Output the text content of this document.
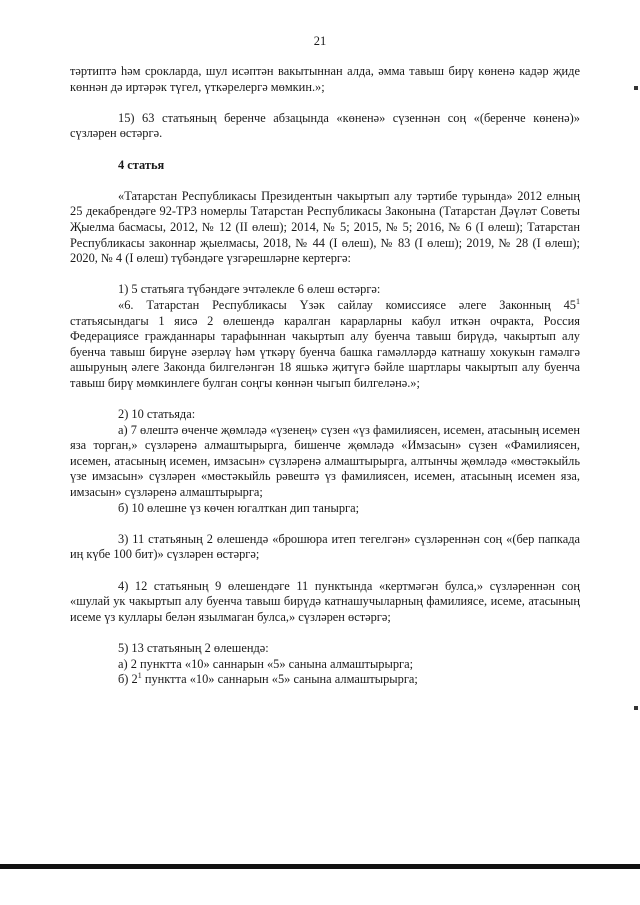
21

тәртиптә һәм срокларда, шул исәптән вакытыннан алда, әмма тавыш бирү көненә кадәр җиде көннән дә иртәрәк түгел, үткәрелергә мөмкин.»;

15) 63 статьяның беренче абзацында «көненә» сүзеннән соң «(беренче көненә)» сүзләрен өстәргә.

4 статья

«Татарстан Республикасы Президентын чакыртып алу тәртибе турында» 2012 елның 25 декабрендәге 92-ТРЗ номерлы Татарстан Республикасы Законына (Татарстан Дәүләт Советы Җыелма басмасы, 2012, № 12 (II өлеш); 2014, № 5; 2015, № 5; 2016, № 6 (I өлеш); Татарстан Республикасы законнар җыелмасы, 2018, № 44 (I өлеш), № 83 (I өлеш); 2019, № 28 (I өлеш); 2020, № 4 (I өлеш) түбәндәге үзгәрешләрне кертергә:

1) 5 статьяга түбәндәге эчтәлекле 6 өлеш өстәргә:

«6. Татарстан Республикасы Үзәк сайлау комиссиясе әлеге Законның $45^1$ статьясындагы 1 яисә 2 өлешендә каралган карарларны кабул иткән очракта, Россия Федерациясе гражданнары тарафыннан чакыртып алу буенча тавыш бирүдә, чакыртып алу буенча тавыш бирүне әзерләү һәм үткәрү буенча башка гамәлләрдә катнашу хокукын гамәлгә ашыруның әлеге Законда билгеләнгән 18 яшькә җитүгә бәйле шартлары чакыртып алу буенча тавыш бирү мөмкинлеге булган соңгы көннән чыгып билгеләнә.»;

2) 10 статьяда:

а) 7 өлештә өченче җөмләдә «үзенең» сүзен «үз фамилиясен, исемен, атасының исемен яза торган,» сүзләренә алмаштырырга, бишенче җөмләдә «Имзасын» сүзен «Фамилиясен, исемен, атасының исемен, имзасын» сүзләренә алмаштырырга, алтынчы җөмләдә «мөстәкыйль үзе имзасын» сүзләрен «мөстәкыйль рәвештә үз фамилиясен, исемен, атасының исемен яза, имзасын» сүзләренә алмаштырырга;

б) 10 өлешне үз көчен югалткан дип танырга;

3) 11 статьяның 2 өлешендә «брошюра итеп тегелгән» сүзләреннән соң «(бер папкада иң күбе 100 бит)» сүзләрен өстәргә;

4) 12 статьяның 9 өлешендәге 11 пунктында «кертмәгән булса,» сүзләреннән соң «шулай ук чакыртып алу буенча тавыш бирүдә катнашучыларның фамилиясе, исеме, атасының исеме үз куллары белән язылмаган булса,» сүзләрен өстәргә;

5) 13 статьяның 2 өлешендә:

а) 2 пунктта «10» саннарын «5» санына алмаштырырга;

б) $2^1$ пунктта «10» саннарын «5» санына алмаштырырга;
